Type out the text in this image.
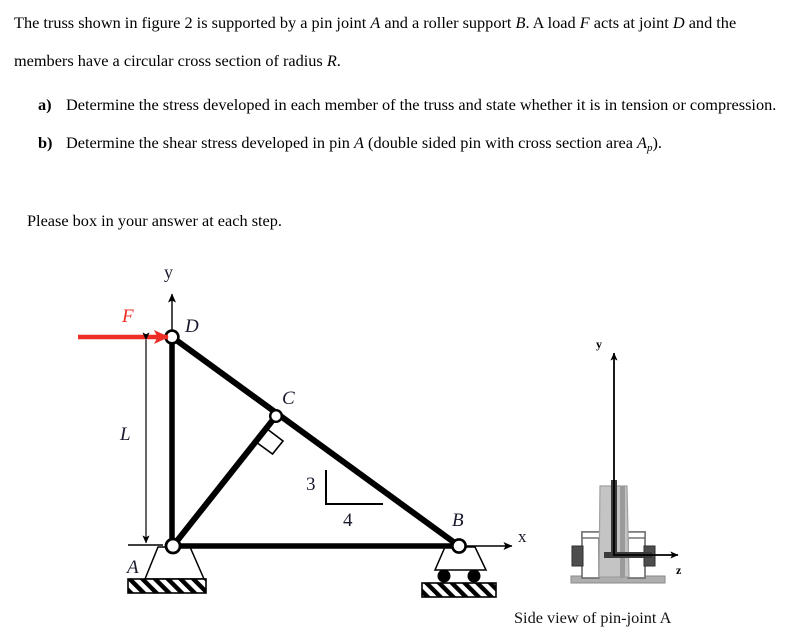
The truss shown in figure 2 is supported by a pin joint A and a roller support B. A load F acts at joint D and the members have a circular cross section of radius R.
a) Determine the stress developed in each member of the truss and state whether it is in tension or compression.
b) Determine the shear stress developed in pin A (double sided pin with cross section area $A_p$).
Please box in your answer at each step.
y
x
D
C
B
A
F
L
3
4
y
z
Side view of pin-joint A
